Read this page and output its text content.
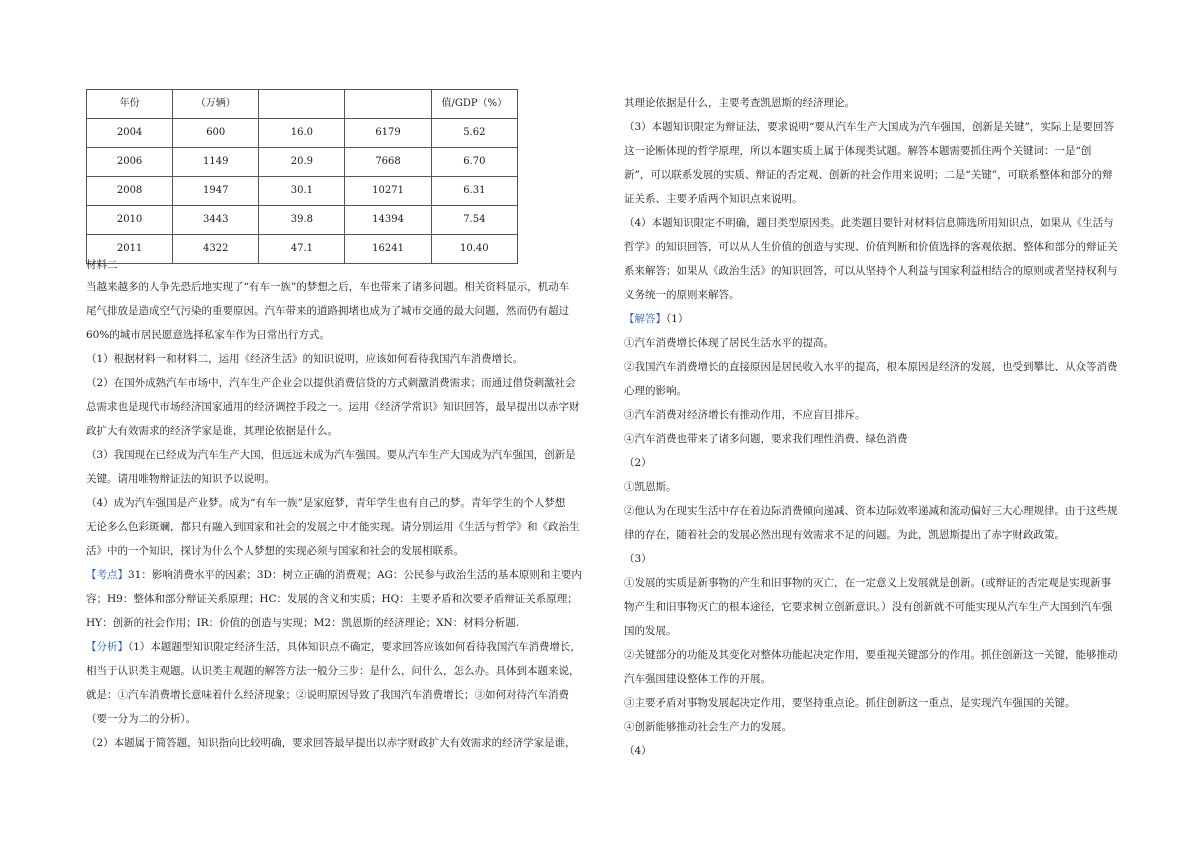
年份	（万辆）			值/GDP（%）
2004	600	16.0	6179	5.62
2006	1149	20.9	7668	6.70
2008	1947	30.1	10271	6.31
2010	3443	39.8	14394	7.54
2011	4322	47.1	16241	10.40

材料二

当越来越多的人争先恐后地实现了“有车一族”的梦想之后，车也带来了诸多问题。相关资料显示，机动车

尾气排放是造成空气污染的重要原因。汽车带来的道路拥堵也成为了城市交通的最大问题，然而仍有超过

60%的城市居民愿意选择私家车作为日常出行方式。

（1）根据材料一和材料二，运用《经济生活》的知识说明，应该如何看待我国汽车消费增长。

（2）在国外成熟汽车市场中，汽车生产企业会以提供消费信贷的方式刺激消费需求；而通过借贷刺激社会

总需求也是现代市场经济国家通用的经济调控手段之一。运用《经济学常识》知识回答，最早提出以赤字财

政扩大有效需求的经济学家是谁，其理论依据是什么。

（3）我国现在已经成为汽车生产大国，但远远未成为汽车强国。要从汽车生产大国成为汽车强国，创新是

关键。请用唯物辩证法的知识予以说明。

（4）成为汽车强国是产业梦。成为“有车一族”是家庭梦，青年学生也有自己的梦。青年学生的个人梦想

无论多么色彩斑斓，都只有融入到国家和社会的发展之中才能实现。请分别运用《生活与哲学》和《政治生

活》中的一个知识，探讨为什么个人梦想的实现必须与国家和社会的发展相联系。

【考点】31：影响消费水平的因素；3D：树立正确的消费观；AG：公民参与政治生活的基本原则和主要内

容；H9：整体和部分辩证关系原理；HC：发展的含义和实质；HQ：主要矛盾和次要矛盾辩证关系原理；

HY：创新的社会作用；IR：价值的创造与实现；M2：凯恩斯的经济理论；XN：材料分析题.

【分析】（1）本题题型知识限定经济生活，具体知识点不确定，要求回答应该如何看待我国汽车消费增长，

相当于认识类主观题。认识类主观题的解答方法一般分三步：是什么，问什么，怎么办。具体到本题来说，

就是：①汽车消费增长意味着什么经济现象；②说明原因导致了我国汽车消费增长；③如何对待汽车消费

（要一分为二的分析）。

（2）本题属于简答题，知识指向比较明确，要求回答最早提出以赤字财政扩大有效需求的经济学家是谁，

其理论依据是什么，主要考查凯恩斯的经济理论。

（3）本题知识限定为辩证法，要求说明“要从汽车生产大国成为汽车强国，创新是关键”，实际上是要回答

这一论断体现的哲学原理，所以本题实质上属于体现类试题。解答本题需要抓住两个关键词：一是“创

新”，可以联系发展的实质、辩证的否定观、创新的社会作用来说明；二是“关键”，可联系整体和部分的辩

证关系、主要矛盾两个知识点来说明。

（4）本题知识限定不明确，题目类型原因类。此类题目要针对材料信息筛选所用知识点，如果从《生活与

哲学》的知识回答，可以从人生价值的创造与实现、价值判断和价值选择的客观依据、整体和部分的辩证关

系来解答；如果从《政治生活》的知识回答，可以从坚持个人利益与国家利益相结合的原则或者坚持权利与

义务统一的原则来解答。

【解答】（1）

①汽车消费增长体现了居民生活水平的提高。

②我国汽车消费增长的直接原因是居民收入水平的提高，根本原因是经济的发展，也受到攀比、从众等消费

心理的影响。

③汽车消费对经济增长有推动作用，不应盲目排斥。

④汽车消费也带来了诸多问题，要求我们理性消费、绿色消费

（2）

①凯恩斯。

②他认为在现实生活中存在着边际消费倾向递减、资本边际效率递减和流动偏好三大心理规律。由于这些规

律的存在，随着社会的发展必然出现有效需求不足的问题。为此，凯恩斯提出了赤字财政政策。

（3）

①发展的实质是新事物的产生和旧事物的灭亡，在一定意义上发展就是创新。(或辩证的否定观是实现新事

物产生和旧事物灭亡的根本途径，它要求树立创新意识。）没有创新就不可能实现从汽车生产大国到汽车强

国的发展。

②关键部分的功能及其变化对整体功能起决定作用，要重视关键部分的作用。抓住创新这一关键，能够推动

汽车强国建设整体工作的开展。

③主要矛盾对事物发展起决定作用，要坚持重点论。抓住创新这一重点，是实现汽车强国的关键。

④创新能够推动社会生产力的发展。

（4）
